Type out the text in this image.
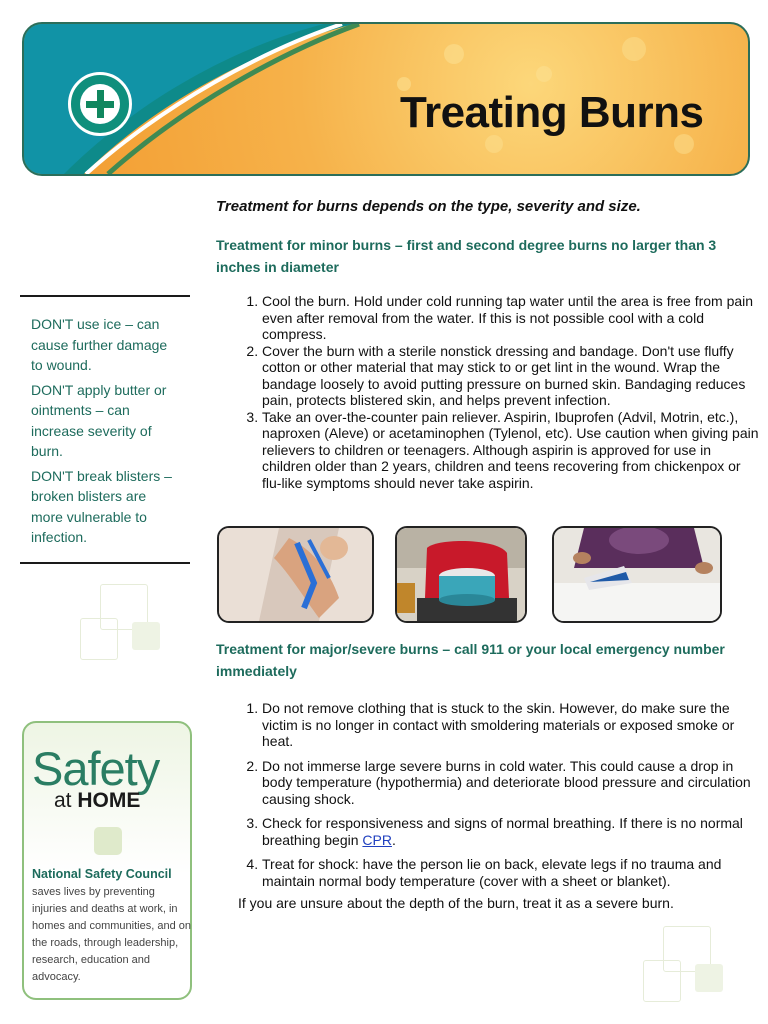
Treating Burns
Treatment for burns depends on the type, severity and size.
Treatment for minor burns – first and second degree burns no larger than 3 inches in diameter
1. Cool the burn. Hold under cold running tap water until the area is free from pain even after removal from the water. If this is not possible cool with a cold compress.
2. Cover the burn with a sterile nonstick dressing and bandage. Don't use fluffy cotton or other material that may stick to or get lint in the wound. Wrap the bandage loosely to avoid putting pressure on burned skin. Bandaging reduces pain, protects blistered skin, and helps prevent infection.
3. Take an over-the-counter pain reliever. Aspirin, Ibuprofen (Advil, Motrin, etc.), naproxen (Aleve) or acetaminophen (Tylenol, etc). Use caution when giving pain relievers to children or teenagers. Although aspirin is approved for use in children older than 2 years, children and teens recovering from chickenpox or flu-like symptoms should never take aspirin.

DON'T use ice – can cause further damage to wound.

DON'T apply butter or ointments – can increase severity of burn.

DON'T break blisters – broken blisters are more vulnerable to infection.

Treatment for major/severe burns – call 911 or your local emergency number immediately
1. Do not remove clothing that is stuck to the skin. However, do make sure the victim is no longer in contact with smoldering materials or exposed smoke or heat.
2. Do not immerse large severe burns in cold water. This could cause a drop in body temperature (hypothermia) and deteriorate blood pressure and circulation causing shock.
3. Check for responsiveness and signs of normal breathing. If there is no normal breathing begin CPR.
4. Treat for shock: have the person lie on back, elevate legs if no trauma and maintain normal body temperature (cover with a sheet or blanket).
If you are unsure about the depth of the burn, treat it as a severe burn.
Safety
at HOME
National Safety Council
saves lives by preventing injuries and deaths at work, in homes and communities, and on the roads, through leadership, research, education and advocacy.
